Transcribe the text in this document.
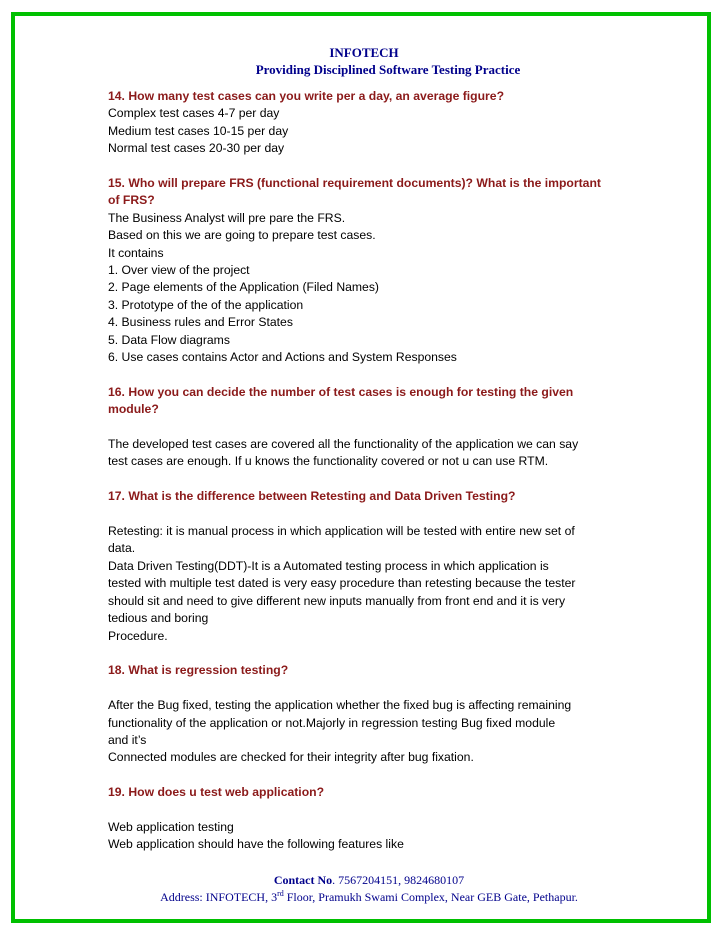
INFOTECH
Providing Disciplined Software Testing Practice

14. How many test cases can you write per a day, an average figure?

Complex test cases 4-7 per day

Medium test cases 10-15 per day

Normal test cases 20-30 per day

15. Who will prepare FRS (functional requirement documents)? What is the important

of FRS?

The Business Analyst will pre pare the FRS.

Based on this we are going to prepare test cases.

It contains

1. Over view of the project

2. Page elements of the Application (Filed Names)

3. Prototype of the of the application

4. Business rules and Error States

5. Data Flow diagrams

6. Use cases contains Actor and Actions and System Responses

16. How you can decide the number of test cases is enough for testing the given

module?

The developed test cases are covered all the functionality of the application we can say

test cases are enough. If u knows the functionality covered or not u can use RTM.

17. What is the difference between Retesting and Data Driven Testing?

Retesting: it is manual process in which application will be tested with entire new set of

data.

Data Driven Testing(DDT)-It is a Automated testing process in which application is

tested with multiple test dated is very easy procedure than retesting because the tester

should sit and need to give different new inputs manually from front end and it is very

tedious and boring

Procedure.

18. What is regression testing?

After the Bug fixed, testing the application whether the fixed bug is affecting remaining

functionality of the application or not.Majorly in regression testing Bug fixed module

and it’s

Connected modules are checked for their integrity after bug fixation.

19. How does u test web application?

Web application testing

Web application should have the following features like

Contact No. 7567204151, 9824680107
Address: INFOTECH, 3rd Floor, Pramukh Swami Complex, Near GEB Gate, Pethapur.
